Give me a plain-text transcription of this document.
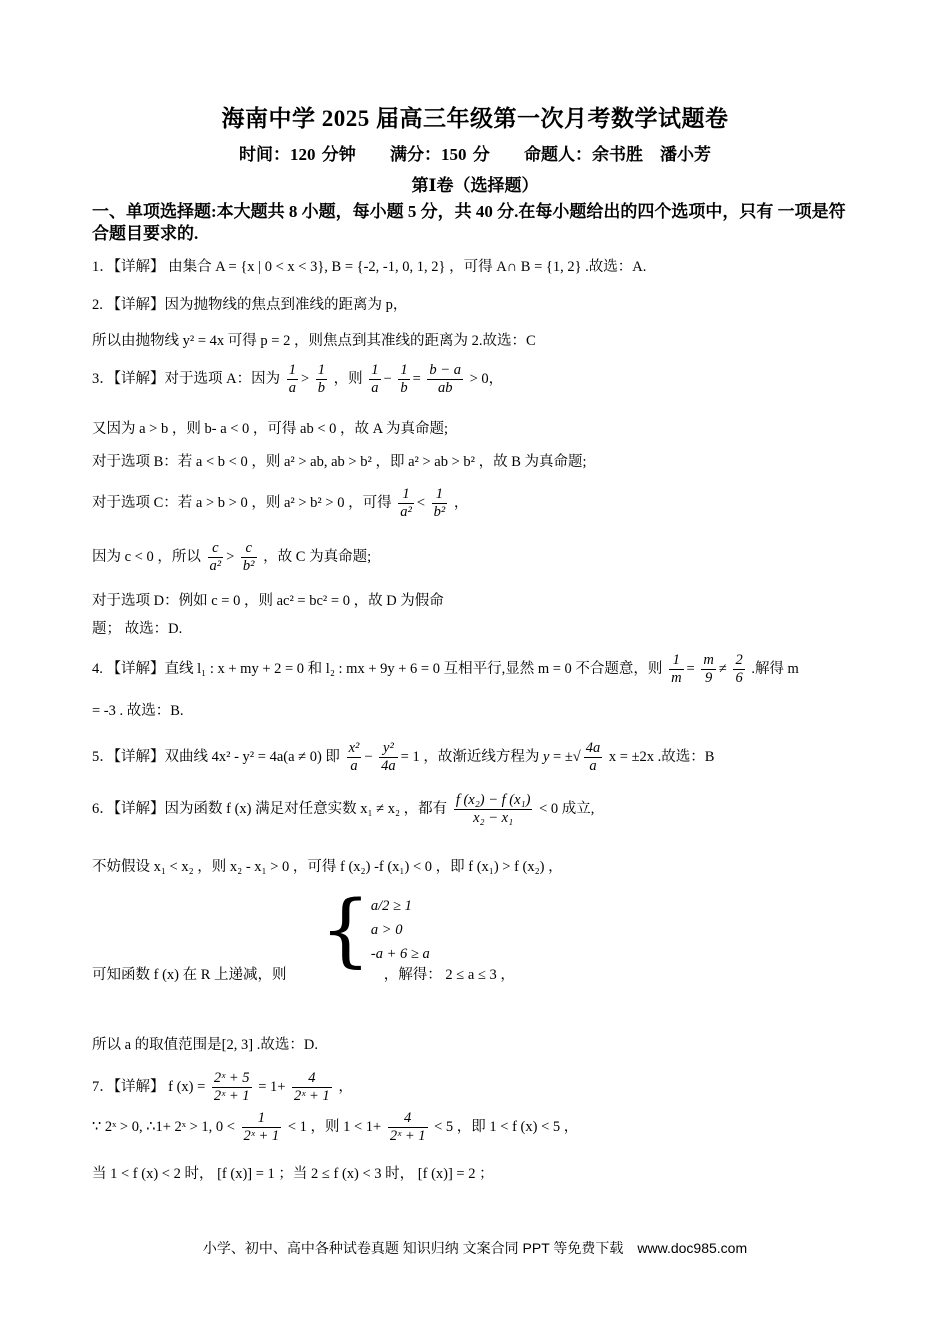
海南中学 2025 届高三年级第一次月考数学试题卷
时间：120 分钟 满分：150 分 命题人：余书胜　潘小芳
第Ⅰ卷（选择题）
一、单项选择题:本大题共 8 小题，每小题 5 分，共 40 分.在每小题给出的四个选项中，只有 一项是符合题目要求的.
1．【详解】 由集合 A = {x | 0 < x < 3}, B = {-2, -1, 0, 1, 2} ，可得 A∩ B = {1, 2} .故选：A.
2. 【详解】因为抛物线的焦点到准线的距离为 p，
所以由抛物线 y² = 4x 可得 p = 2 ，则焦点到其准线的距离为 2.故选：C
3．【详解】对于选项 A：因为 $\frac{1}{a} > \frac{1}{b}$ ，则 $\frac{1}{a} - \frac{1}{b} = \frac{b - a}{ab} > 0$，
又因为 a > b ，则 b- a < 0 ，可得 ab < 0 ，故 A 为真命题;
对于选项 B：若 a < b < 0 ，则 a² > ab, ab > b² ，即 a² > ab > b² ，故 B 为真命题;
对于选项 C：若 a > b > 0 ，则 a² > b² > 0 ，可得 $\frac{1}{\text{a²}} < \frac{1}{\text{b²}}$ ，
因为 c < 0 ，所以 $\frac{c}{\text{a²}} > \frac{c}{\text{b²}}$ ，故 C 为真命题;
对于选项 D：例如 c = 0 ，则 ac² = bc² = 0 ，故 D 为假命
题； 故选：D.
4. 【详解】直线 l₁ : x + my + 2 = 0 和 l₂ : mx + 9y + 6 = 0 互相平行,显然 m = 0 不合题意，则 $\frac{1}{m} = \frac{m}{9} \ne \frac{2}{6}$ .解得 m
= -3 . 故选：B.
5．【详解】双曲线 4x² - y² = 4a(a ≠ 0) 即 $\frac{\text{x²}}{a} - \frac{\text{y²}}{4a} = 1$ ，故渐近线方程为 y = ±√ $\frac{4a}{a}$ x = ±2x .故选：B
6．【详解】因为函数 f (x) 满足对任意实数 x₁ ≠ x₂ ，都有 $\frac{\text{f (x₂) − f (x₁)}}{\text{x₂ − x₁}} < 0$ 成立,
不妨假设 x₁ < x₂ ，则 x₂ - x₁ > 0 ，可得 f (x₂) -f (x₁) < 0 ，即 f (x₁) > f (x₂) ，
{ a/2 ≥ 1
a > 0
-a + 6 ≥ a
可知函数 f (x) 在 R 上递减，则	，解得： 2 ≤ a ≤ 3 ，
所以 a 的取值范围是[2, 3] .故选：D.
7．【详解】 f $(x) = \frac{\text{2ˣ + 5}}{\text{2ˣ + 1}} = 1+ \frac{4}{\text{2ˣ + 1}}$ ，
∵ 2ˣ > 0, ∴1+ 2ˣ > 1, $0 < \frac{1}{\text{2ˣ + 1}} < 1$ ，则 $1 < 1+ \frac{4}{\text{2ˣ + 1}} < 5$ ，即 1 < f (x) < 5 ，
当 1 < f (x) < 2 时， [f (x)] = 1 ；当 2 ≤ f (x) < 3 时， [f (x)] = 2 ；
小学、初中、高中各种试卷真题 知识归纳 文案合同 PPT 等免费下载　www.doc985.com
